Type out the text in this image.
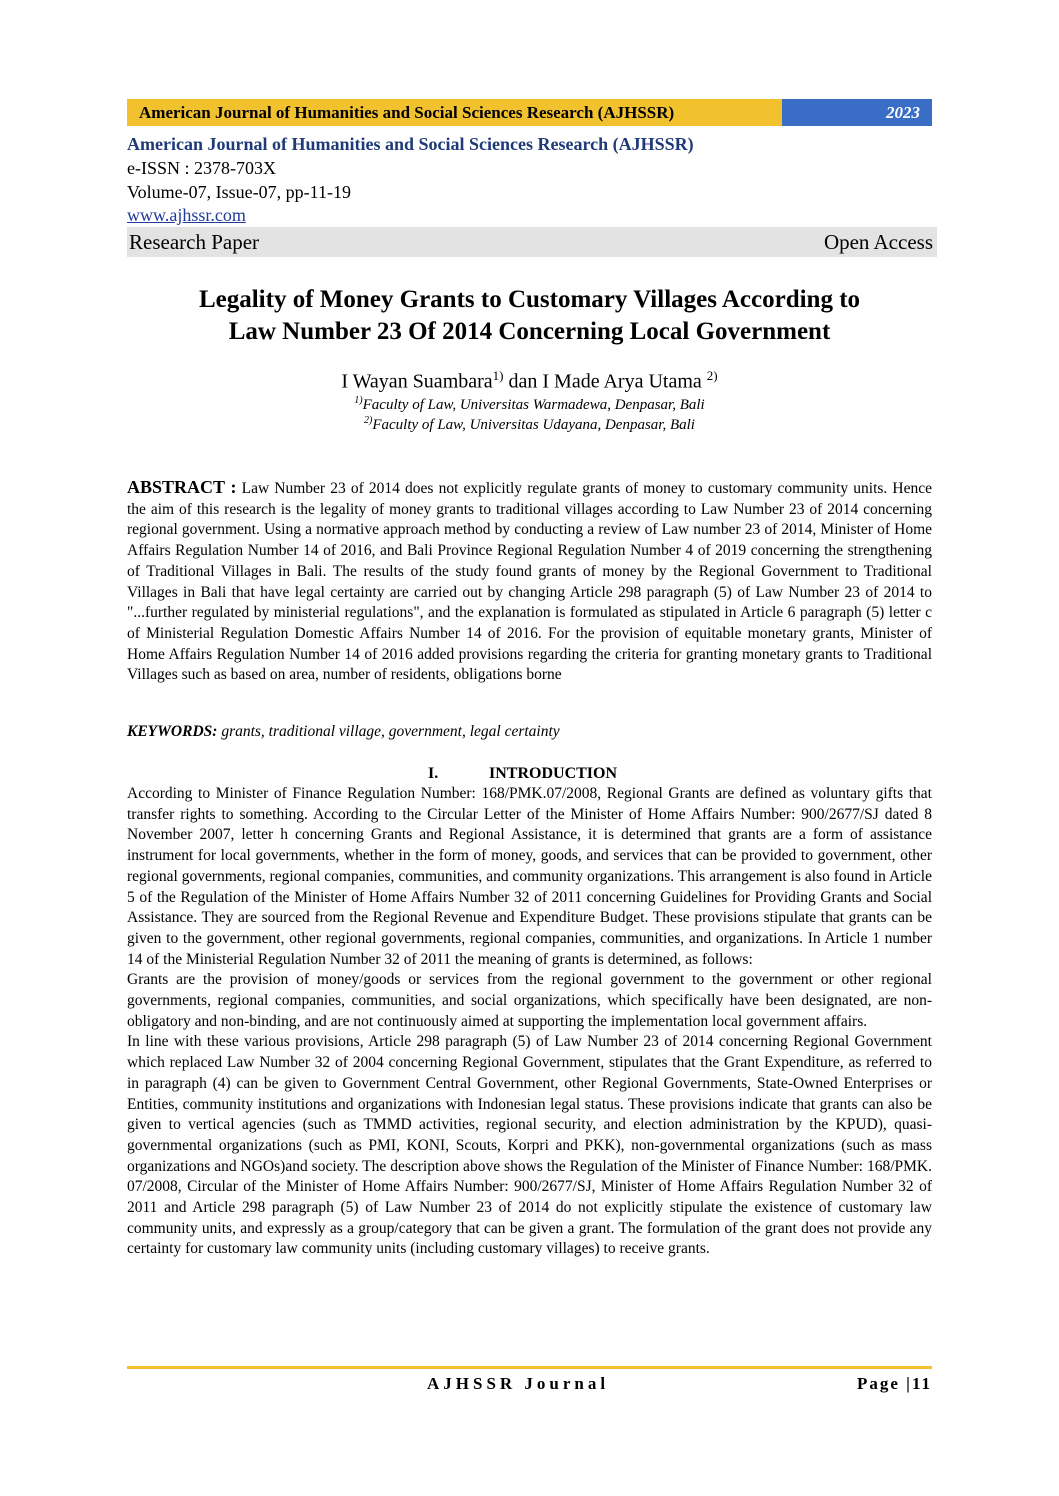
American Journal of Humanities and Social Sciences Research (AJHSSR)	2023
American Journal of Humanities and Social Sciences Research (AJHSSR)
e-ISSN : 2378-703X
Volume-07, Issue-07, pp-11-19
www.ajhssr.com
Research Paper	Open Access
Legality of Money Grants to Customary Villages According to
Law Number 23 Of 2014 Concerning Local Government
I Wayan Suambara$^{1)}$ dan I Made Arya Utama $^{2)}$
$^{1)}$Faculty of Law, Universitas Warmadewa, Denpasar, Bali
$^{2)}$Faculty of Law, Universitas Udayana, Denpasar, Bali

ABSTRACT : Law Number 23 of 2014 does not explicitly regulate grants of money to customary community units. Hence the aim of this research is the legality of money grants to traditional villages according to Law Number 23 of 2014 concerning regional government. Using a normative approach method by conducting a review of Law number 23 of 2014, Minister of Home Affairs Regulation Number 14 of 2016, and Bali Province Regional Regulation Number 4 of 2019 concerning the strengthening of Traditional Villages in Bali. The results of the study found grants of money by the Regional Government to Traditional Villages in Bali that have legal certainty are carried out by changing Article 298 paragraph (5) of Law Number 23 of 2014 to "...further regulated by ministerial regulations", and the explanation is formulated as stipulated in Article 6 paragraph (5) letter c of Ministerial Regulation Domestic Affairs Number 14 of 2016. For the provision of equitable monetary grants, Minister of Home Affairs Regulation Number 14 of 2016 added provisions regarding the criteria for granting monetary grants to Traditional Villages such as based on area, number of residents, obligations borne

KEYWORDS: grants, traditional village, government, legal certainty
I.	INTRODUCTION

According to Minister of Finance Regulation Number: 168/PMK.07/2008, Regional Grants are defined as voluntary gifts that transfer rights to something. According to the Circular Letter of the Minister of Home Affairs Number: 900/2677/SJ dated 8 November 2007, letter h concerning Grants and Regional Assistance, it is determined that grants are a form of assistance instrument for local governments, whether in the form of money, goods, and services that can be provided to government, other regional governments, regional companies, communities, and community organizations. This arrangement is also found in Article 5 of the Regulation of the Minister of Home Affairs Number 32 of 2011 concerning Guidelines for Providing Grants and Social Assistance. They are sourced from the Regional Revenue and Expenditure Budget. These provisions stipulate that grants can be given to the government, other regional governments, regional companies, communities, and organizations. In Article 1 number 14 of the Ministerial Regulation Number 32 of 2011 the meaning of grants is determined, as follows:

Grants are the provision of money/goods or services from the regional government to the government or other regional governments, regional companies, communities, and social organizations, which specifically have been designated, are non-obligatory and non-binding, and are not continuously aimed at supporting the implementation local government affairs.

In line with these various provisions, Article 298 paragraph (5) of Law Number 23 of 2014 concerning Regional Government which replaced Law Number 32 of 2004 concerning Regional Government, stipulates that the Grant Expenditure, as referred to in paragraph (4) can be given to Government Central Government, other Regional Governments, State-Owned Enterprises or Entities, community institutions and organizations with Indonesian legal status. These provisions indicate that grants can also be given to vertical agencies (such as TMMD activities, regional security, and election administration by the KPUD), quasi-governmental organizations (such as PMI, KONI, Scouts, Korpri and PKK), non-governmental organizations (such as mass organizations and NGOs)and society. The description above shows the Regulation of the Minister of Finance Number: 168/PMK. 07/2008, Circular of the Minister of Home Affairs Number: 900/2677/SJ, Minister of Home Affairs Regulation Number 32 of 2011 and Article 298 paragraph (5) of Law Number 23 of 2014 do not explicitly stipulate the existence of customary law community units, and expressly as a group/category that can be given a grant. The formulation of the grant does not provide any certainty for customary law community units (including customary villages) to receive grants.

AJHSSR Journal	Page |11
